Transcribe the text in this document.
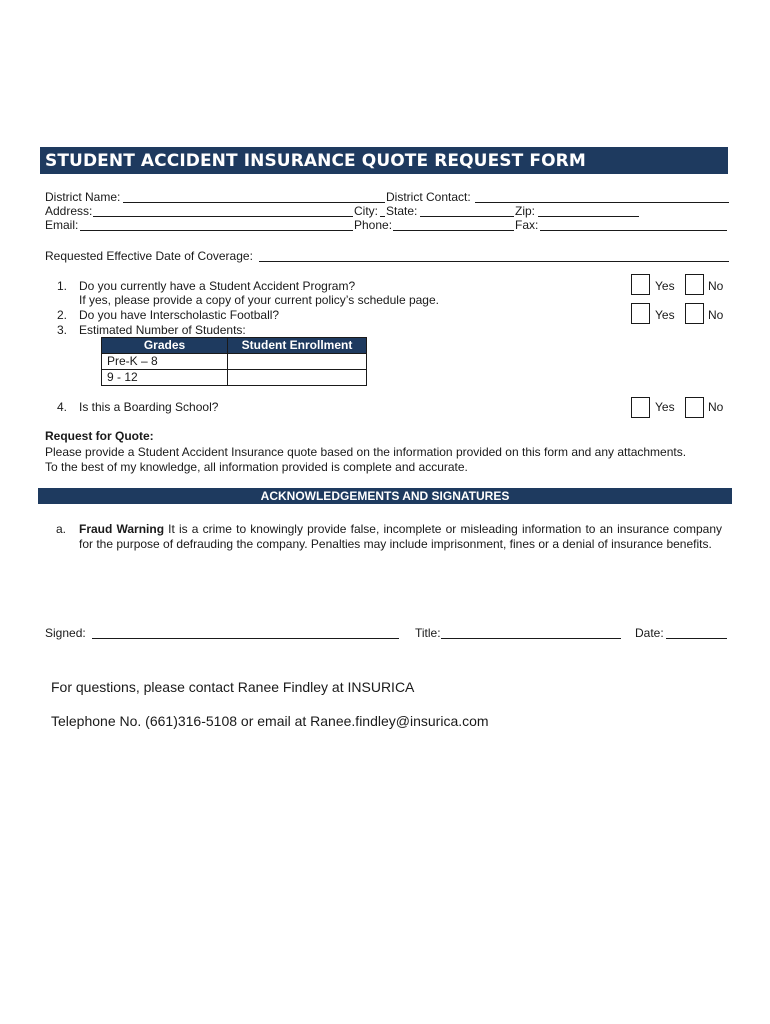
STUDENT ACCIDENT INSURANCE QUOTE REQUEST FORM
District Name:	District Contact:
Address:	City: State:	Zip:
Email:	Phone:	Fax:
Requested Effective Date of Coverage:
1. Do you currently have a Student Accident Program?
If yes, please provide a copy of your current policy’s schedule page.
Yes	No
2. Do you have Interscholastic Football?	Yes	No
3. Estimated Number of Students:
Grades	Student Enrollment
Pre-K – 8	
9 - 12	
4. Is this a Boarding School?	Yes	No
Request for Quote:
Please provide a Student Accident Insurance quote based on the information provided on this form and any attachments.
To the best of my knowledge, all information provided is complete and accurate.
ACKNOWLEDGEMENTS AND SIGNATURES
a. Fraud Warning It is a crime to knowingly provide false, incomplete or misleading information to an insurance company for the purpose of defrauding the company. Penalties may include imprisonment, fines or a denial of insurance benefits.
Signed:	Title:	Date:
For questions, please contact Ranee Findley at INSURICA
Telephone No. (661)316-5108 or email at Ranee.findley@insurica.com
